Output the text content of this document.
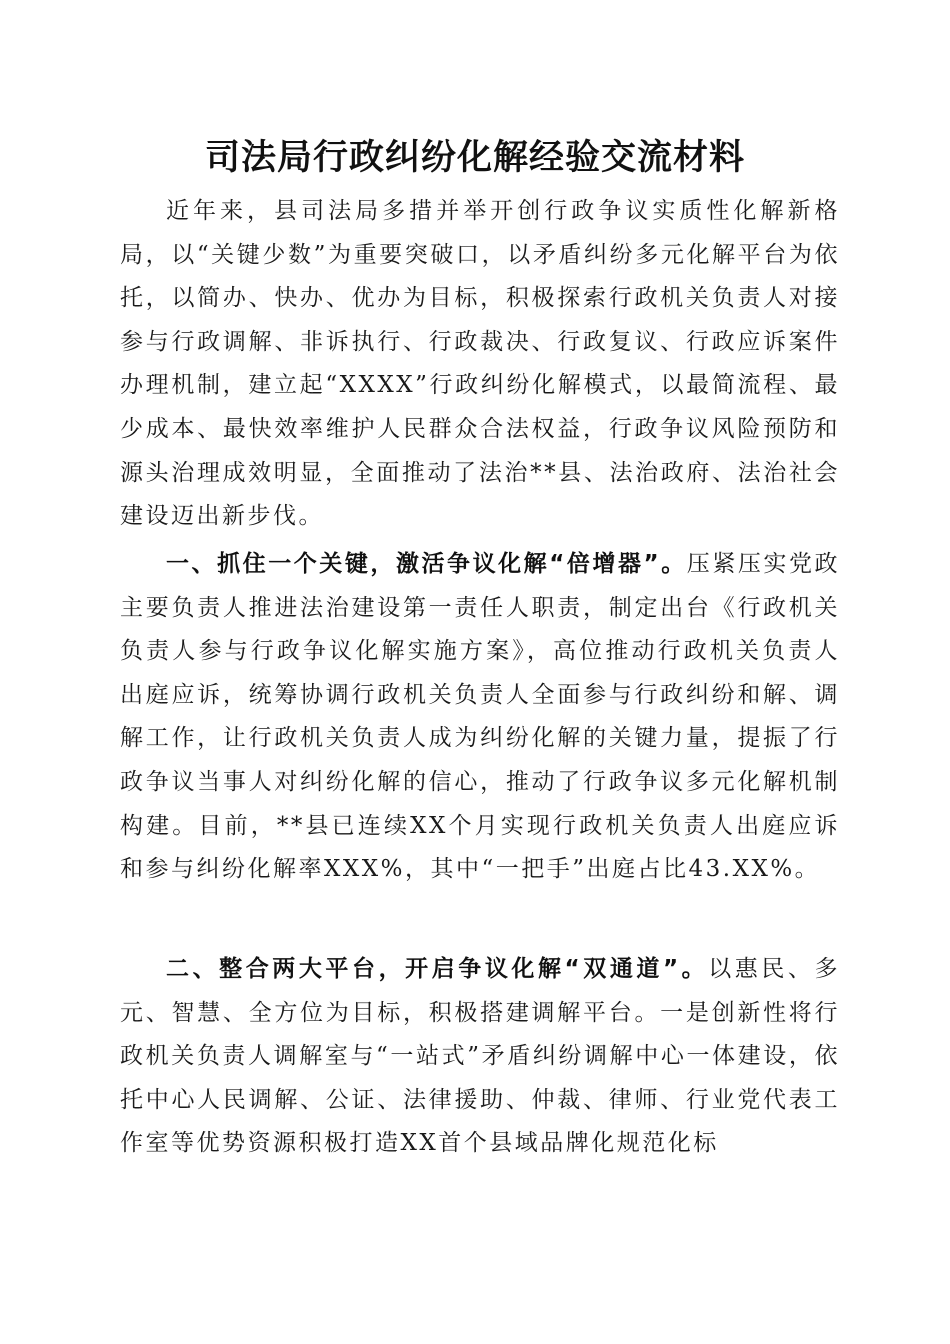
司法局行政纠纷化解经验交流材料

近年来，县司法局多措并举开创行政争议实质性化解新格局，以“关键少数”为重要突破口，以矛盾纠纷多元化解平台为依托，以简办、快办、优办为目标，积极探索行政机关负责人对接参与行政调解、非诉执行、行政裁决、行政复议、行政应诉案件办理机制，建立起“XXXX”行政纠纷化解模式，以最简流程、最少成本、最快效率维护人民群众合法权益，行政争议风险预防和源头治理成效明显，全面推动了法治**县、法治政府、法治社会建设迈出新步伐。

一、抓住一个关键，激活争议化解“倍增器”。压紧压实党政主要负责人推进法治建设第一责任人职责，制定出台《行政机关负责人参与行政争议化解实施方案》，高位推动行政机关负责人出庭应诉，统筹协调行政机关负责人全面参与行政纠纷和解、调解工作，让行政机关负责人成为纠纷化解的关键力量，提振了行政争议当事人对纠纷化解的信心，推动了行政争议多元化解机制构建。目前，**县已连续XX个月实现行政机关负责人出庭应诉和参与纠纷化解率XXX%，其中“一把手”出庭占比43.XX%。

二、整合两大平台，开启争议化解“双通道”。以惠民、多元、智慧、全方位为目标，积极搭建调解平台。一是创新性将行政机关负责人调解室与“一站式”矛盾纠纷调解中心一体建设，依托中心人民调解、公证、法律援助、仲裁、律师、行业党代表工作室等优势资源积极打造XX首个县域品牌化规范化标
